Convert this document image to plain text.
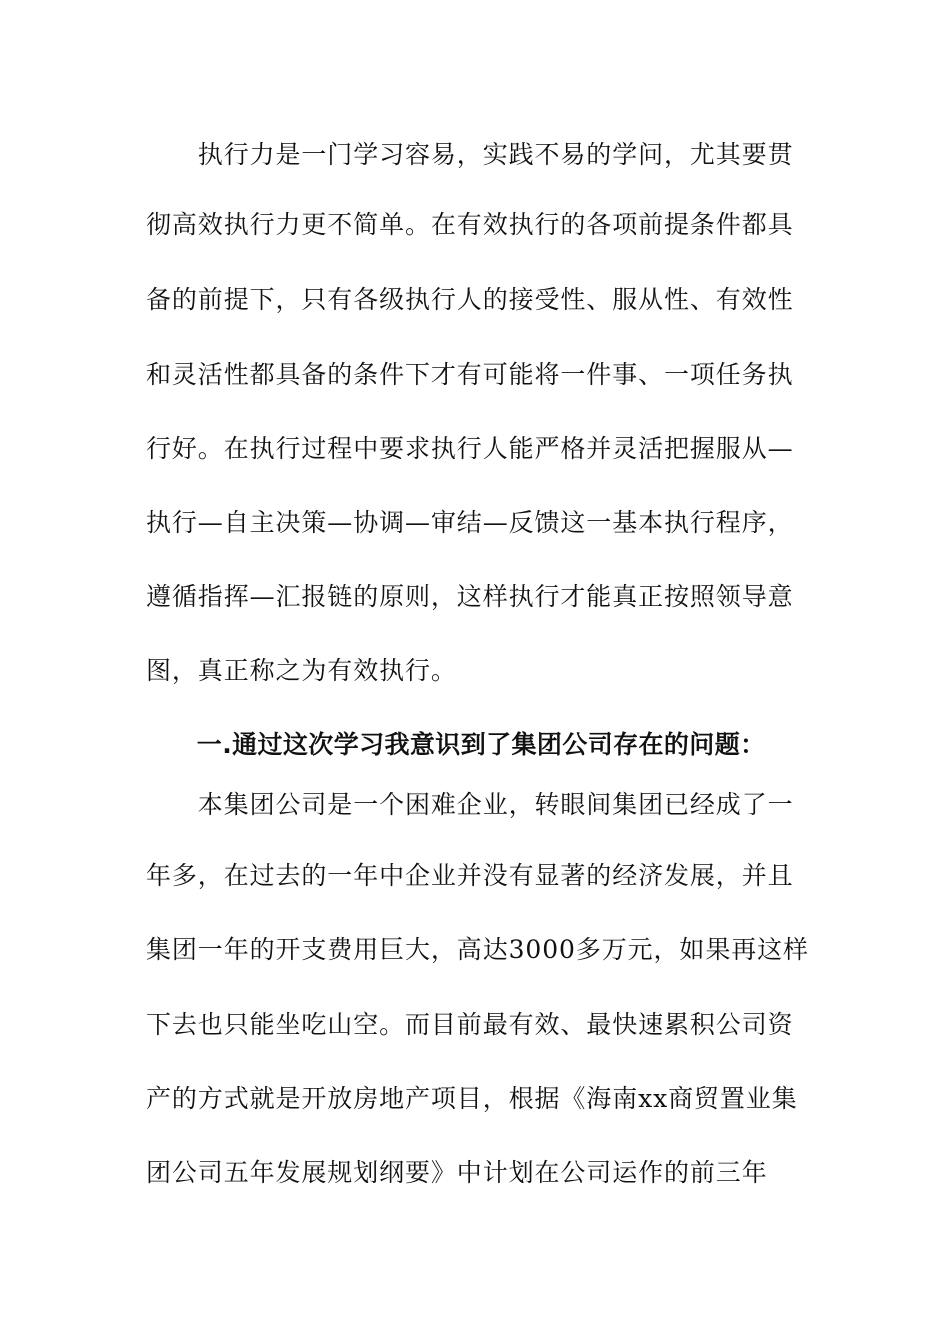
　　执行力是一门学习容易，实践不易的学问，尤其要贯
彻高效执行力更不简单。在有效执行的各项前提条件都具
备的前提下，只有各级执行人的接受性、服从性、有效性
和灵活性都具备的条件下才有可能将一件事、一项任务执
行好。在执行过程中要求执行人能严格并灵活把握服从—
执行—自主决策—协调—审结—反馈这一基本执行程序，
遵循指挥—汇报链的原则，这样执行才能真正按照领导意
图，真正称之为有效执行。
　　一.通过这次学习我意识到了集团公司存在的问题：
　　本集团公司是一个困难企业，转眼间集团已经成了一
年多，在过去的一年中企业并没有显著的经济发展，并且
集团一年的开支费用巨大，高达3000多万元，如果再这样
下去也只能坐吃山空。而目前最有效、最快速累积公司资
产的方式就是开放房地产项目，根据《海南xx商贸置业集
团公司五年发展规划纲要》中计划在公司运作的前三年
